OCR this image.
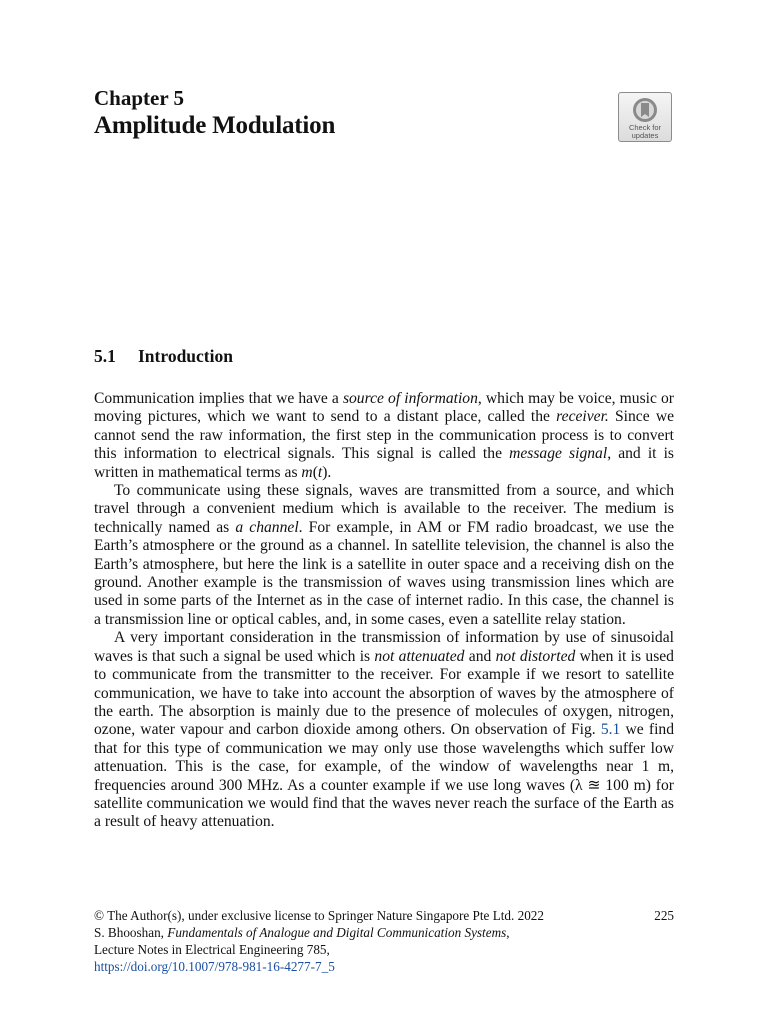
Chapter 5
Amplitude Modulation	Check for
updates
5.1 Introduction

Communication implies that we have a source of information, which may be voice, music or moving pictures, which we want to send to a distant place, called the receiver. Since we cannot send the raw information, the first step in the communication process is to convert this information to electrical signals. This signal is called the message signal, and it is written in mathematical terms as m(t).

To communicate using these signals, waves are transmitted from a source, and which travel through a convenient medium which is available to the receiver. The medium is technically named as a channel. For example, in AM or FM radio broadcast, we use the Earth’s atmosphere or the ground as a channel. In satellite television, the channel is also the Earth’s atmosphere, but here the link is a satellite in outer space and a receiving dish on the ground. Another example is the transmission of waves using transmission lines which are used in some parts of the Internet as in the case of internet radio. In this case, the channel is a transmission line or optical cables, and, in some cases, even a satellite relay station.

A very important consideration in the transmission of information by use of sinusoidal waves is that such a signal be used which is not attenuated and not distorted when it is used to communicate from the transmitter to the receiver. For example if we resort to satellite communication, we have to take into account the absorption of waves by the atmosphere of the earth. The absorption is mainly due to the presence of molecules of oxygen, nitrogen, ozone, water vapour and carbon dioxide among others. On observation of Fig. 5.1 we find that for this type of communication we may only use those wavelengths which suffer low attenuation. This is the case, for example, of the window of wavelengths near 1 m, frequencies around 300 MHz. As a counter example if we use long waves (λ ≊ 100 m) for satellite communication we would find that the waves never reach the surface of the Earth as a result of heavy attenuation.

© The Author(s), under exclusive license to Springer Nature Singapore Pte Ltd. 2022	225
S. Bhooshan, Fundamentals of Analogue and Digital Communication Systems,
Lecture Notes in Electrical Engineering 785,
https://doi.org/10.1007/978-981-16-4277-7_5
